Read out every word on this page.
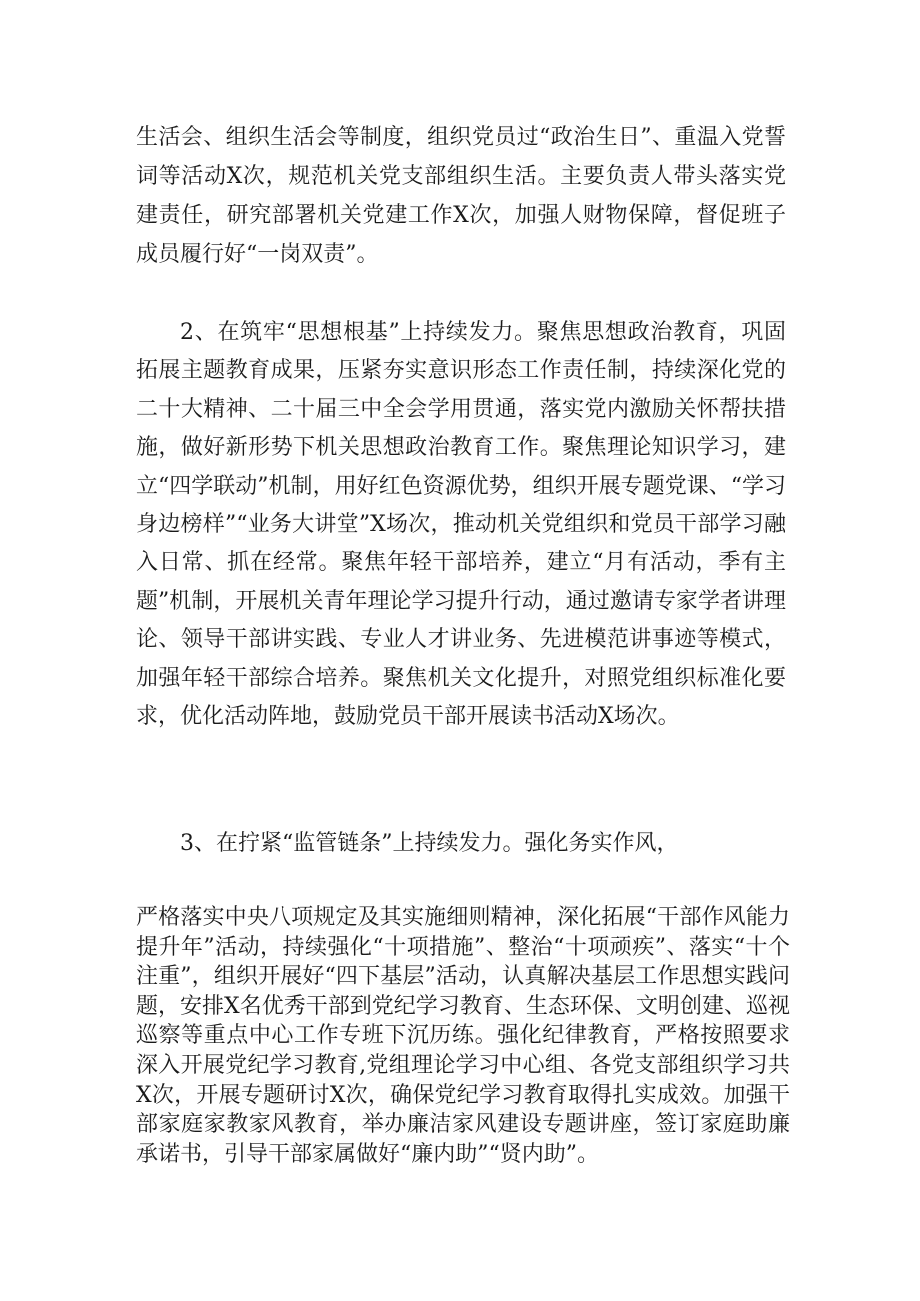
生活会、组织生活会等制度，组织党员过“政治生日”、重温入党誓词等活动X次，规范机关党支部组织生活。主要负责人带头落实党建责任，研究部署机关党建工作X次，加强人财物保障，督促班子成员履行好“一岗双责”。

2、在筑牢“思想根基”上持续发力。聚焦思想政治教育，巩固拓展主题教育成果，压紧夯实意识形态工作责任制，持续深化党的二十大精神、二十届三中全会学用贯通，落实党内激励关怀帮扶措施，做好新形势下机关思想政治教育工作。聚焦理论知识学习，建立“四学联动”机制，用好红色资源优势，组织开展专题党课、“学习身边榜样”“业务大讲堂”X场次，推动机关党组织和党员干部学习融入日常、抓在经常。聚焦年轻干部培养，建立“月有活动，季有主题”机制，开展机关青年理论学习提升行动，通过邀请专家学者讲理论、领导干部讲实践、专业人才讲业务、先进模范讲事迹等模式，加强年轻干部综合培养。聚焦机关文化提升，对照党组织标准化要求，优化活动阵地，鼓励党员干部开展读书活动X场次。

3、在拧紧“监管链条”上持续发力。强化务实作风，

严格落实中央八项规定及其实施细则精神，深化拓展“干部作风能力提升年”活动，持续强化“十项措施”、整治“十项顽疾”、落实“十个注重”，组织开展好“四下基层”活动，认真解决基层工作思想实践问题，安排X名优秀干部到党纪学习教育、生态环保、文明创建、巡视巡察等重点中心工作专班下沉历练。强化纪律教育，严格按照要求深入开展党纪学习教育,党组理论学习中心组、各党支部组织学习共X次，开展专题研讨X次，确保党纪学习教育取得扎实成效。加强干部家庭家教家风教育，举办廉洁家风建设专题讲座，签订家庭助廉承诺书，引导干部家属做好“廉内助”“贤内助”。
